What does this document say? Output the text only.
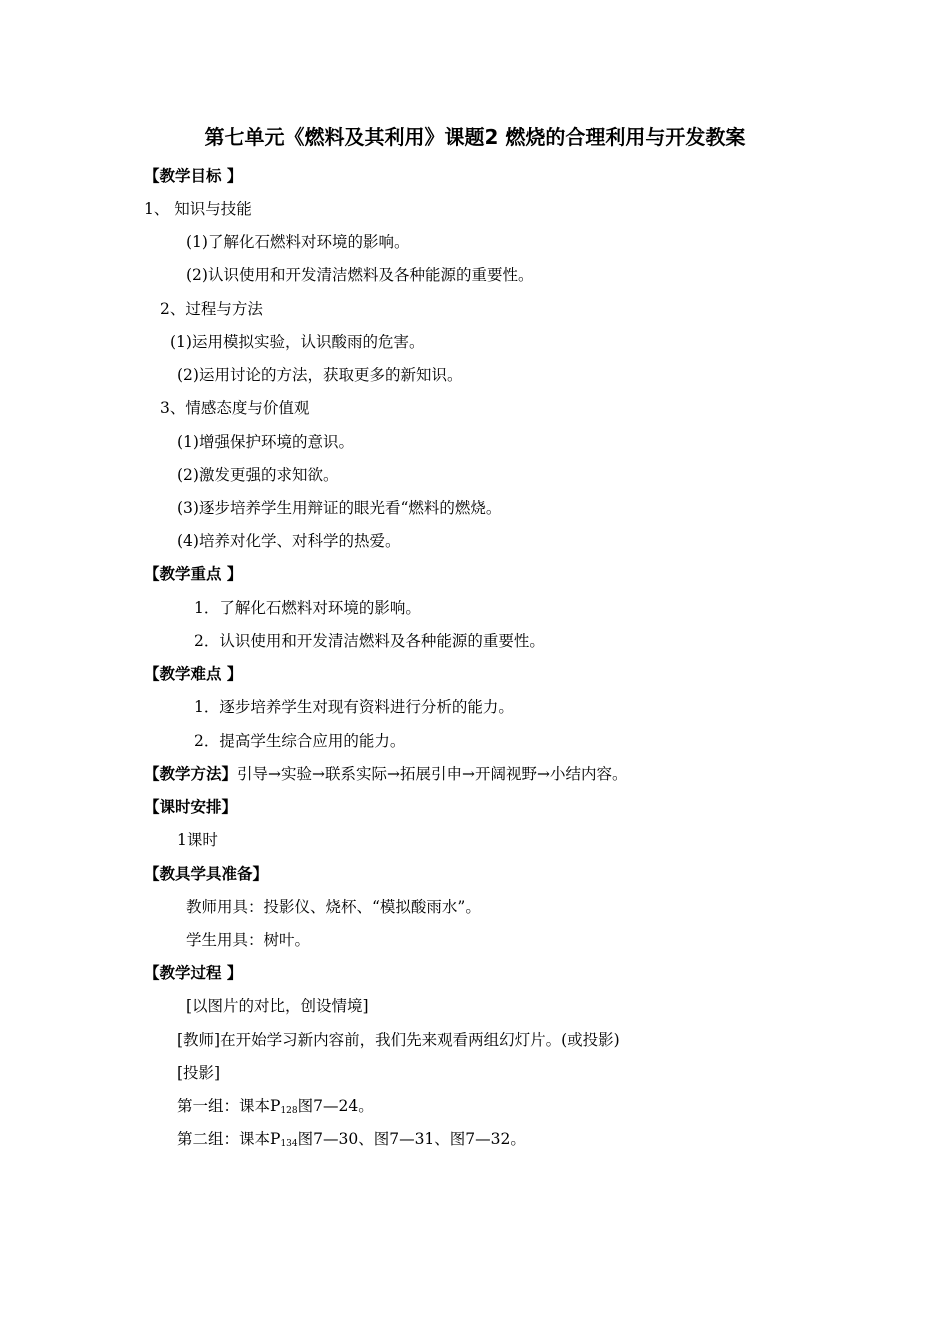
第七单元《燃料及其利用》课题2 燃烧的合理利用与开发教案
【教学目标 】
1、 知识与技能
(1)了解化石燃料对环境的影响。
(2)认识使用和开发清洁燃料及各种能源的重要性。
2、过程与方法
(1)运用模拟实验，认识酸雨的危害。
(2)运用讨论的方法，获取更多的新知识。
3、情感态度与价值观
(1)增强保护环境的意识。
(2)激发更强的求知欲。
(3)逐步培养学生用辩证的眼光看“燃料的燃烧。
(4)培养对化学、对科学的热爱。
【教学重点 】
1．了解化石燃料对环境的影响。
2．认识使用和开发清洁燃料及各种能源的重要性。
【教学难点 】
1．逐步培养学生对现有资料进行分析的能力。
2．提高学生综合应用的能力。
【教学方法】引导→实验→联系实际→拓展引申→开阔视野→小结内容。
【课时安排】
1课时
【教具学具准备】
教师用具：投影仪、烧杯、“模拟酸雨水”。
学生用具：树叶。
【教学过程 】
[以图片的对比，创设情境]
[教师]在开始学习新内容前，我们先来观看两组幻灯片。(或投影)
[投影]
第一组：课本$P_{128}$图7—24。
第二组：课本$P_{134}$图7—30、图7—31、图7—32。
